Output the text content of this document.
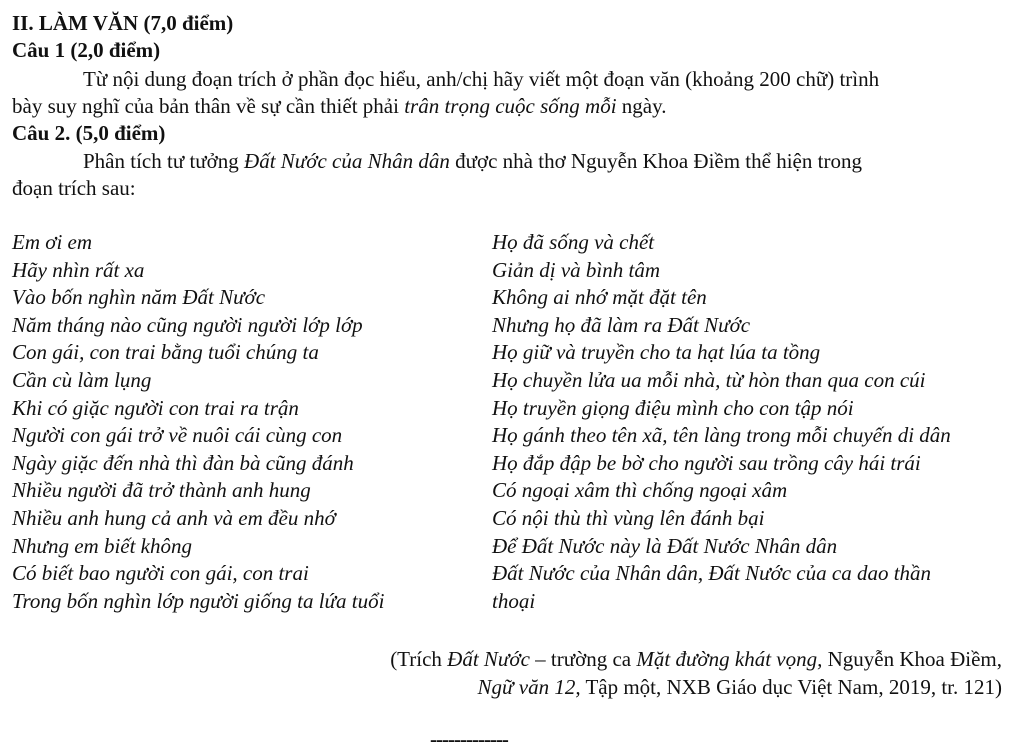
II. LÀM VĂN (7,0 điểm)
Câu 1 (2,0 điểm)
Từ nội dung đoạn trích ở phần đọc hiểu, anh/chị hãy viết một đoạn văn (khoảng 200 chữ) trình
bày suy nghĩ của bản thân về sự cần thiết phải trân trọng cuộc sống mỗi ngày.
Câu 2. (5,0 điểm)
Phân tích tư tưởng Đất Nước của Nhân dân được nhà thơ Nguyễn Khoa Điềm thể hiện trong
đoạn trích sau:
Em ơi em
Hãy nhìn rất xa
Vào bốn nghìn năm Đất Nước
Năm tháng nào cũng người người lớp lớp
Con gái, con trai bằng tuổi chúng ta
Cần cù làm lụng
Khi có giặc người con trai ra trận
Người con gái trở về nuôi cái cùng con
Ngày giặc đến nhà thì đàn bà cũng đánh
Nhiều người đã trở thành anh hung
Nhiều anh hung cả anh và em đều nhớ
Nhưng em biết không
Có biết bao người con gái, con trai
Trong bốn nghìn lớp người giống ta lứa tuổi
Họ đã sống và chết
Giản dị và bình tâm
Không ai nhớ mặt đặt tên
Nhưng họ đã làm ra Đất Nước
Họ giữ và truyền cho ta hạt lúa ta tồng
Họ chuyền lửa ua mỗi nhà, từ hòn than qua con cúi
Họ truyền giọng điệu mình cho con tập nói
Họ gánh theo tên xã, tên làng trong mỗi chuyến di dân
Họ đắp đập be bờ cho người sau trồng cây hái trái
Có ngoại xâm thì chống ngoại xâm
Có nội thù thì vùng lên đánh bại
Để Đất Nước này là Đất Nước Nhân dân
Đất Nước của Nhân dân, Đất Nước của ca dao thần
thoại
(Trích Đất Nước – trường ca Mặt đường khát vọng, Nguyễn Khoa Điềm,
Ngữ văn 12, Tập một, NXB Giáo dục Việt Nam, 2019, tr. 121)
-------------
